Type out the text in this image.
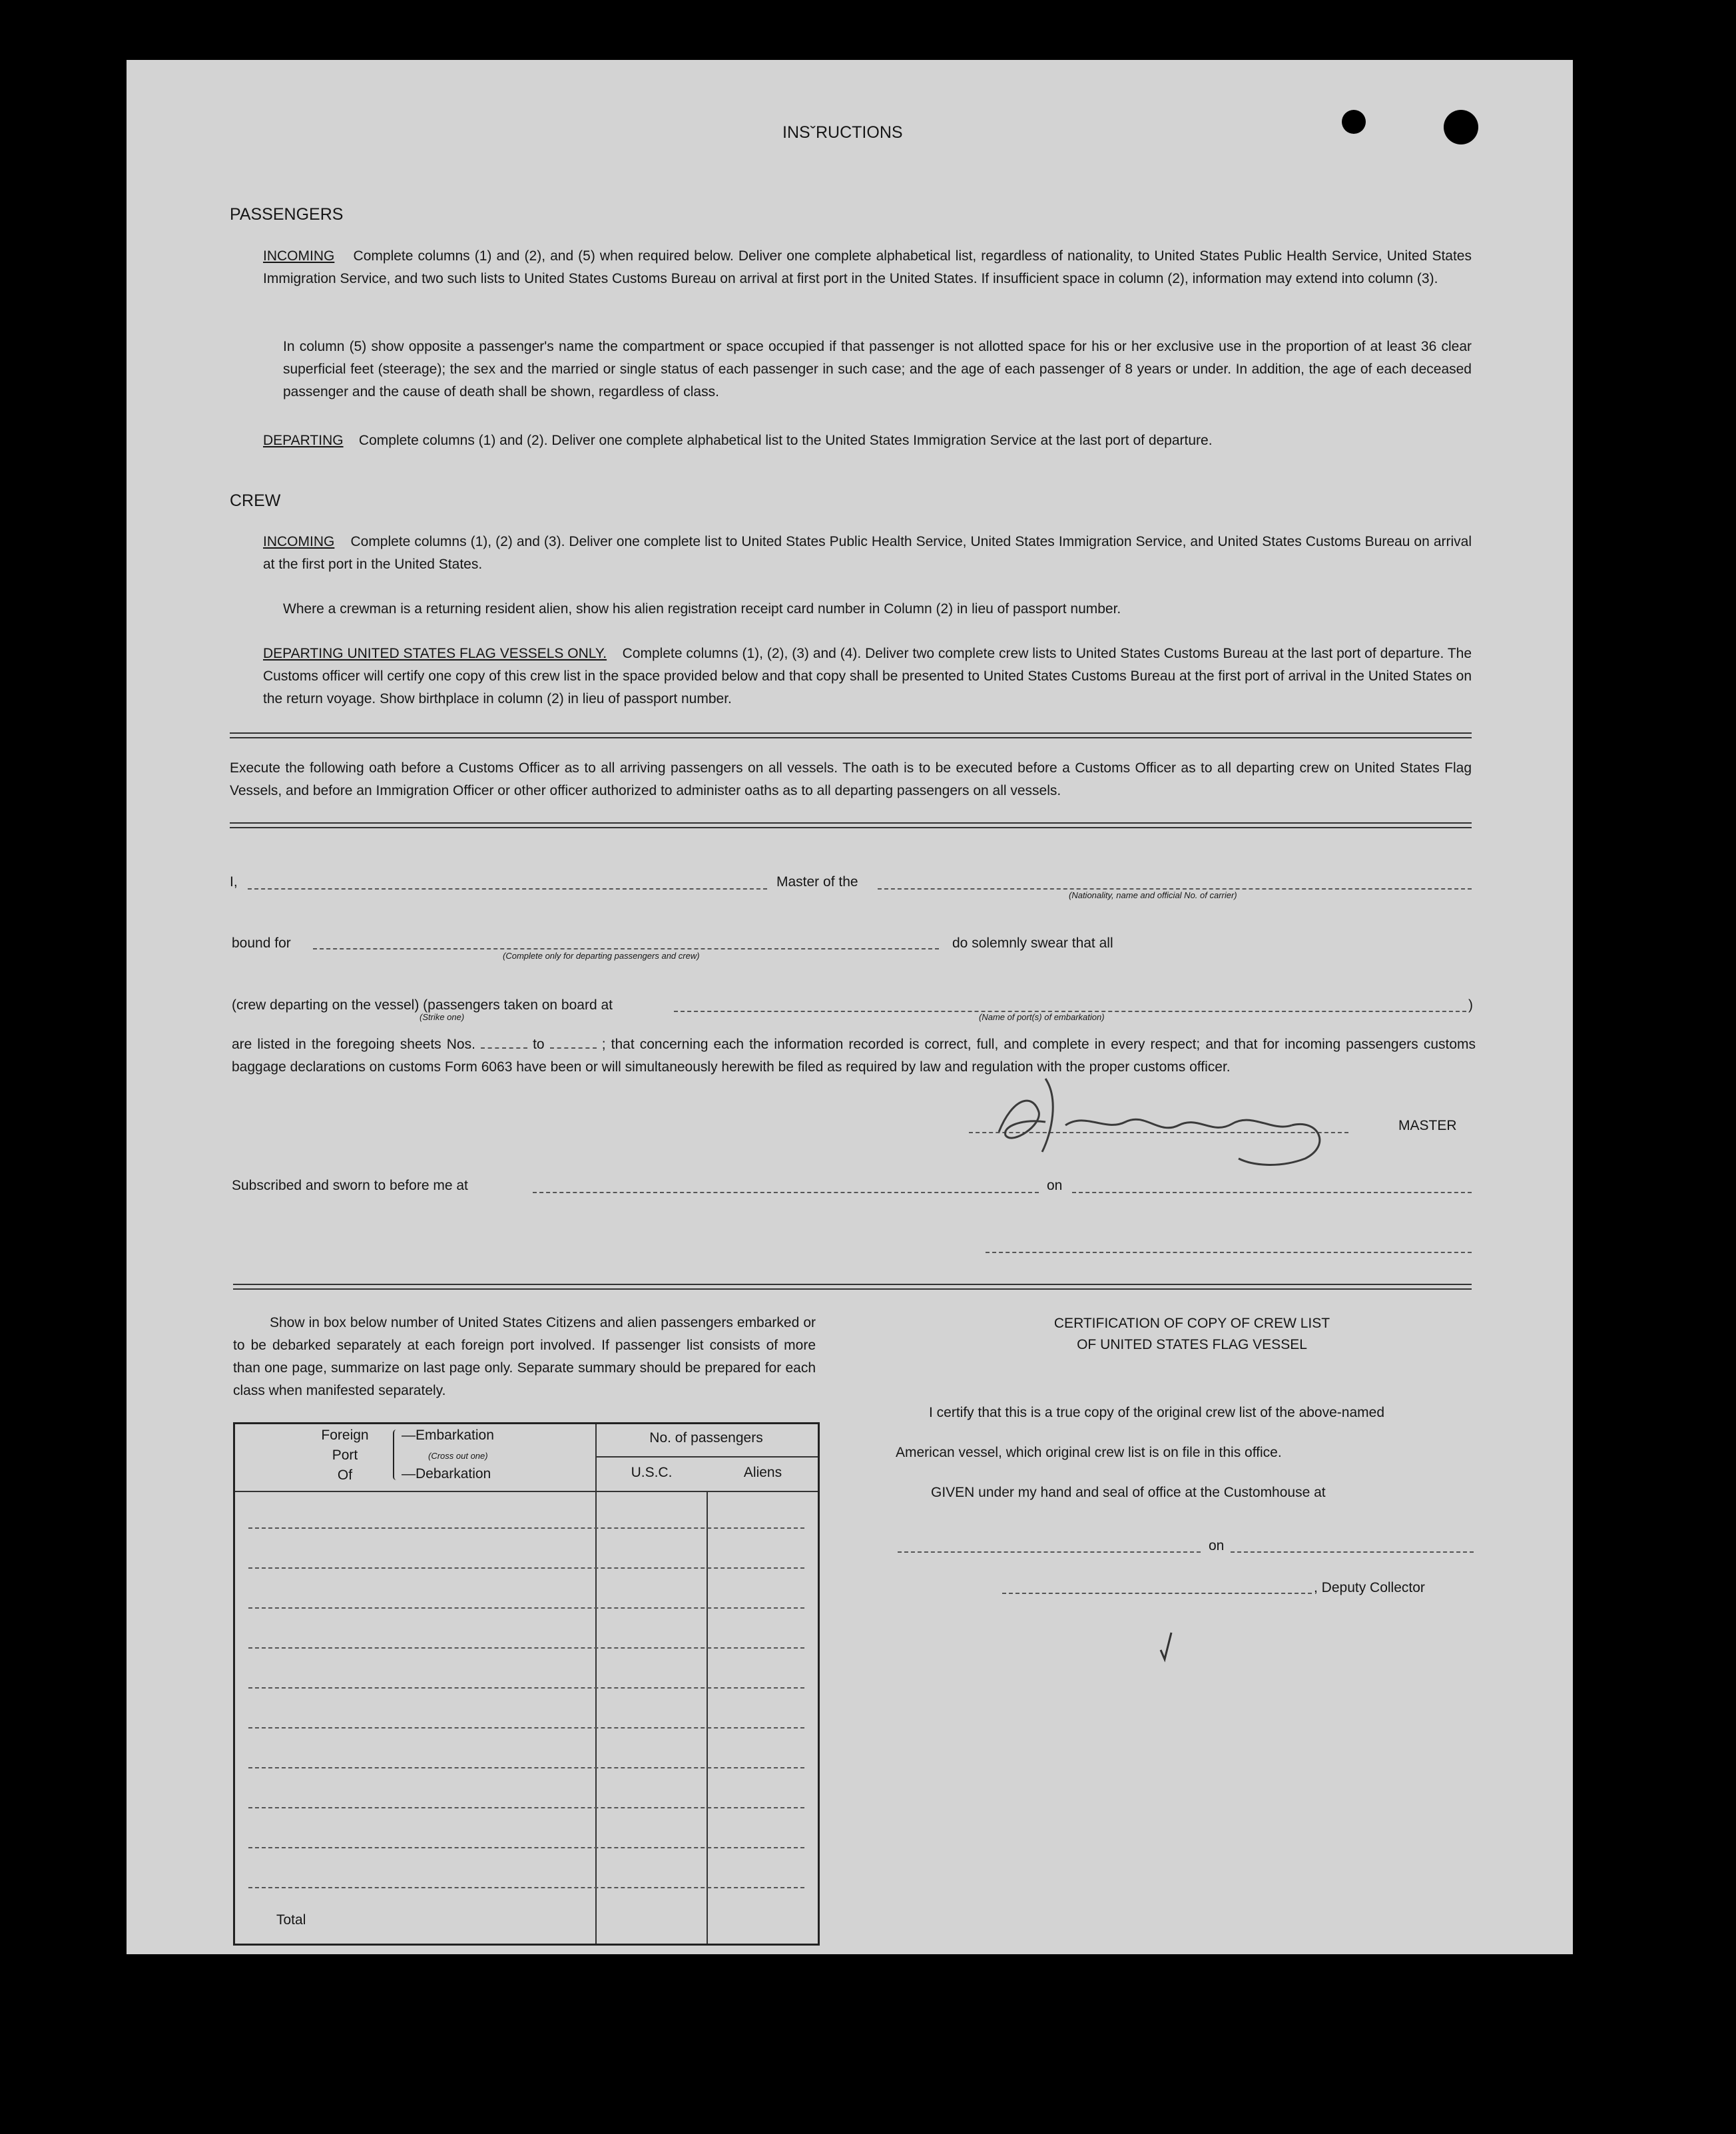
INSˇRUCTIONS
PASSENGERS
INCOMING Complete columns (1) and (2), and (5) when required below. Deliver one complete alphabetical list, regardless of nationality, to United States Public Health Service, United States Immigration Service, and two such lists to United States Customs Bureau on arrival at first port in the United States. If insufficient space in column (2), information may extend into column (3).
In column (5) show opposite a passenger's name the compartment or space occupied if that passenger is not allotted space for his or her exclusive use in the proportion of at least 36 clear superficial feet (steerage); the sex and the married or single status of each passenger in such case; and the age of each passenger of 8 years or under. In addition, the age of each deceased passenger and the cause of death shall be shown, regardless of class.
DEPARTING Complete columns (1) and (2). Deliver one complete alphabetical list to the United States Immigration Service at the last port of departure.
CREW
INCOMING Complete columns (1), (2) and (3). Deliver one complete list to United States Public Health Service, United States Immigration Service, and United States Customs Bureau on arrival at the first port in the United States.
Where a crewman is a returning resident alien, show his alien registration receipt card number in Column (2) in lieu of passport number.
DEPARTING UNITED STATES FLAG VESSELS ONLY. Complete columns (1), (2), (3) and (4). Deliver two complete crew lists to United States Customs Bureau at the last port of departure. The Customs officer will certify one copy of this crew list in the space provided below and that copy shall be presented to United States Customs Bureau at the first port of arrival in the United States on the return voyage. Show birthplace in column (2) in lieu of passport number.
Execute the following oath before a Customs Officer as to all arriving passengers on all vessels. The oath is to be executed before a Customs Officer as to all departing crew on United States Flag Vessels, and before an Immigration Officer or other officer authorized to administer oaths as to all departing passengers on all vessels.
I,	Master of the
(Nationality, name and official No. of carrier)
bound for
(Complete only for departing passengers and crew)
do solemnly swear that all
(crew departing on the vessel) (passengers taken on board at	)
(Strike one)	(Name of port(s) of embarkation)
are listed in the foregoing sheets Nos.	to	; that concerning each the information recorded is correct, full, and complete in every respect; and that for incoming passengers customs baggage declarations on customs Form 6063 have been or will simultaneously herewith be filed as required by law and regulation with the proper customs officer.
MASTER
Subscribed and sworn to before me at	on
Show in box below number of United States Citizens and alien passengers embarked or to be debarked separately at each foreign port involved. If passenger list consists of more than one page, summarize on last page only. Separate summary should be prepared for each class when manifested separately.
Foreign
Port
Of
—Embarkation
(Cross out one)
—Debarkation
No. of passengers
U.S.C.	Aliens
Total
CERTIFICATION OF COPY OF CREW LIST
OF UNITED STATES FLAG VESSEL
I certify that this is a true copy of the original crew list of the above-named
American vessel, which original crew list is on file in this office.
GIVEN under my hand and seal of office at the Customhouse at
on
, Deputy Collector
